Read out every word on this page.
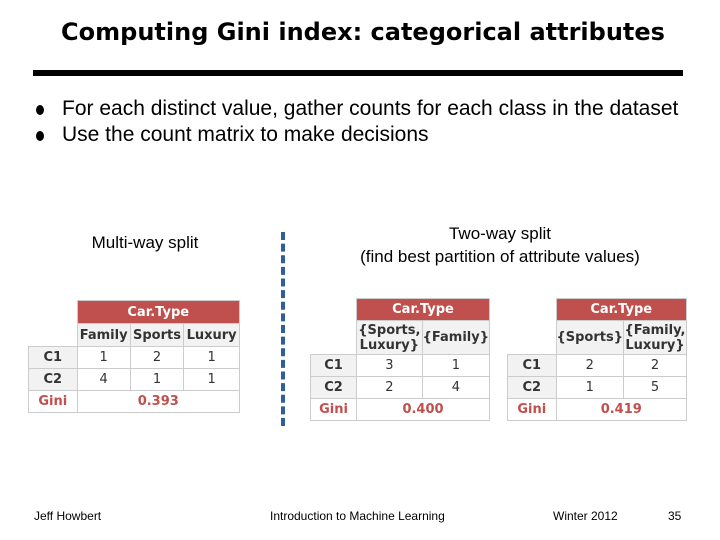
Computing Gini index: categorical attributes
For each distinct value, gather counts for each class in the dataset
Use the count matrix to make decisions
Multi-way split	Two-way split
(find best partition of attribute values)
	Car.Type		
	Family	Sports	Luxury
C1	1	2	1
C2	4	1	1
Gini	0.393		
	Car.Type	
	{Sports, Luxury}	{Family}
C1	3	1
C2	2	4
Gini	0.400	
	Car.Type	
	{Sports}	{Family, Luxury}
C1	2	2
C2	1	5
Gini	0.419	
Jeff Howbert	Introduction to Machine Learning	Winter 2012	35
